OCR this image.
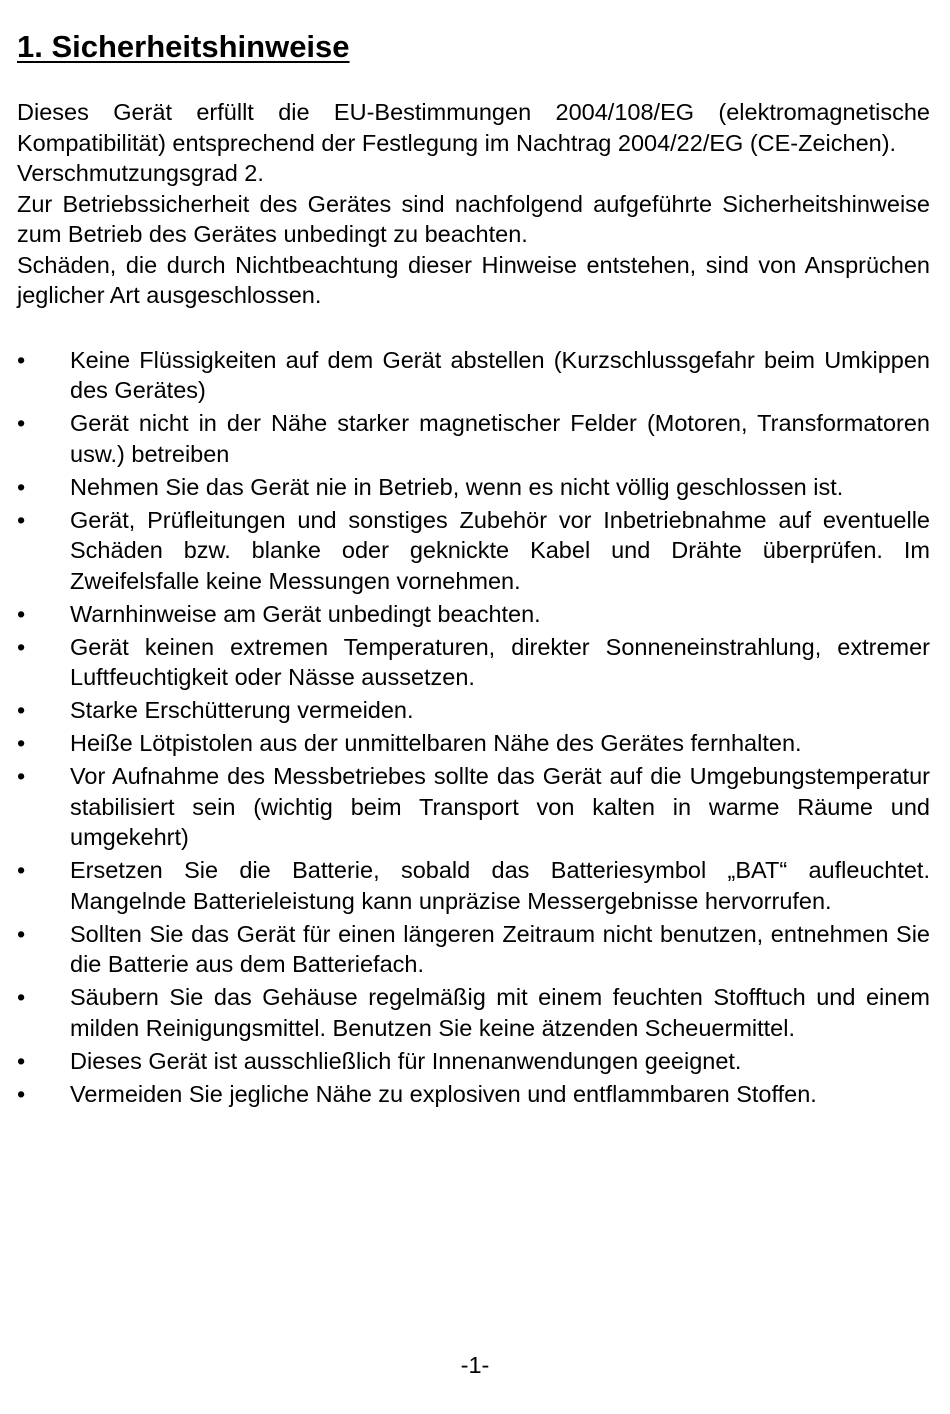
1. Sicherheitshinweise

Dieses Gerät erfüllt die EU-Bestimmungen 2004/108/EG (elektromagnetische Kompatibilität) entsprechend der Festlegung im Nachtrag 2004/22/EG (CE-Zeichen).

Verschmutzungsgrad 2.

Zur Betriebssicherheit des Gerätes sind nachfolgend aufgeführte Sicherheitshinweise zum Betrieb des Gerätes unbedingt zu beachten.

Schäden, die durch Nichtbeachtung dieser Hinweise entstehen, sind von Ansprüchen jeglicher Art ausgeschlossen.

• Keine Flüssigkeiten auf dem Gerät abstellen (Kurzschlussgefahr beim Umkippen des Gerätes)
• Gerät nicht in der Nähe starker magnetischer Felder (Motoren, Transformatoren usw.) betreiben
• Nehmen Sie das Gerät nie in Betrieb, wenn es nicht völlig geschlossen ist.
• Gerät, Prüfleitungen und sonstiges Zubehör vor Inbetriebnahme auf eventuelle Schäden bzw. blanke oder geknickte Kabel und Drähte überprüfen. Im Zweifelsfalle keine Messungen vornehmen.
• Warnhinweise am Gerät unbedingt beachten.
• Gerät keinen extremen Temperaturen, direkter Sonneneinstrahlung, extremer Luftfeuchtigkeit oder Nässe aussetzen.
• Starke Erschütterung vermeiden.
• Heiße Lötpistolen aus der unmittelbaren Nähe des Gerätes fernhalten.
• Vor Aufnahme des Messbetriebes sollte das Gerät auf die Umgebungstemperatur stabilisiert sein (wichtig beim Transport von kalten in warme Räume und umgekehrt)
• Ersetzen Sie die Batterie, sobald das Batteriesymbol „BAT“ aufleuchtet. Mangelnde Batterieleistung kann unpräzise Messergebnisse hervorrufen.
• Sollten Sie das Gerät für einen längeren Zeitraum nicht benutzen, entnehmen Sie die Batterie aus dem Batteriefach.
• Säubern Sie das Gehäuse regelmäßig mit einem feuchten Stofftuch und einem milden Reinigungsmittel. Benutzen Sie keine ätzenden Scheuermittel.
• Dieses Gerät ist ausschließlich für Innenanwendungen geeignet.
• Vermeiden Sie jegliche Nähe zu explosiven und entflammbaren Stoffen.
-1-
